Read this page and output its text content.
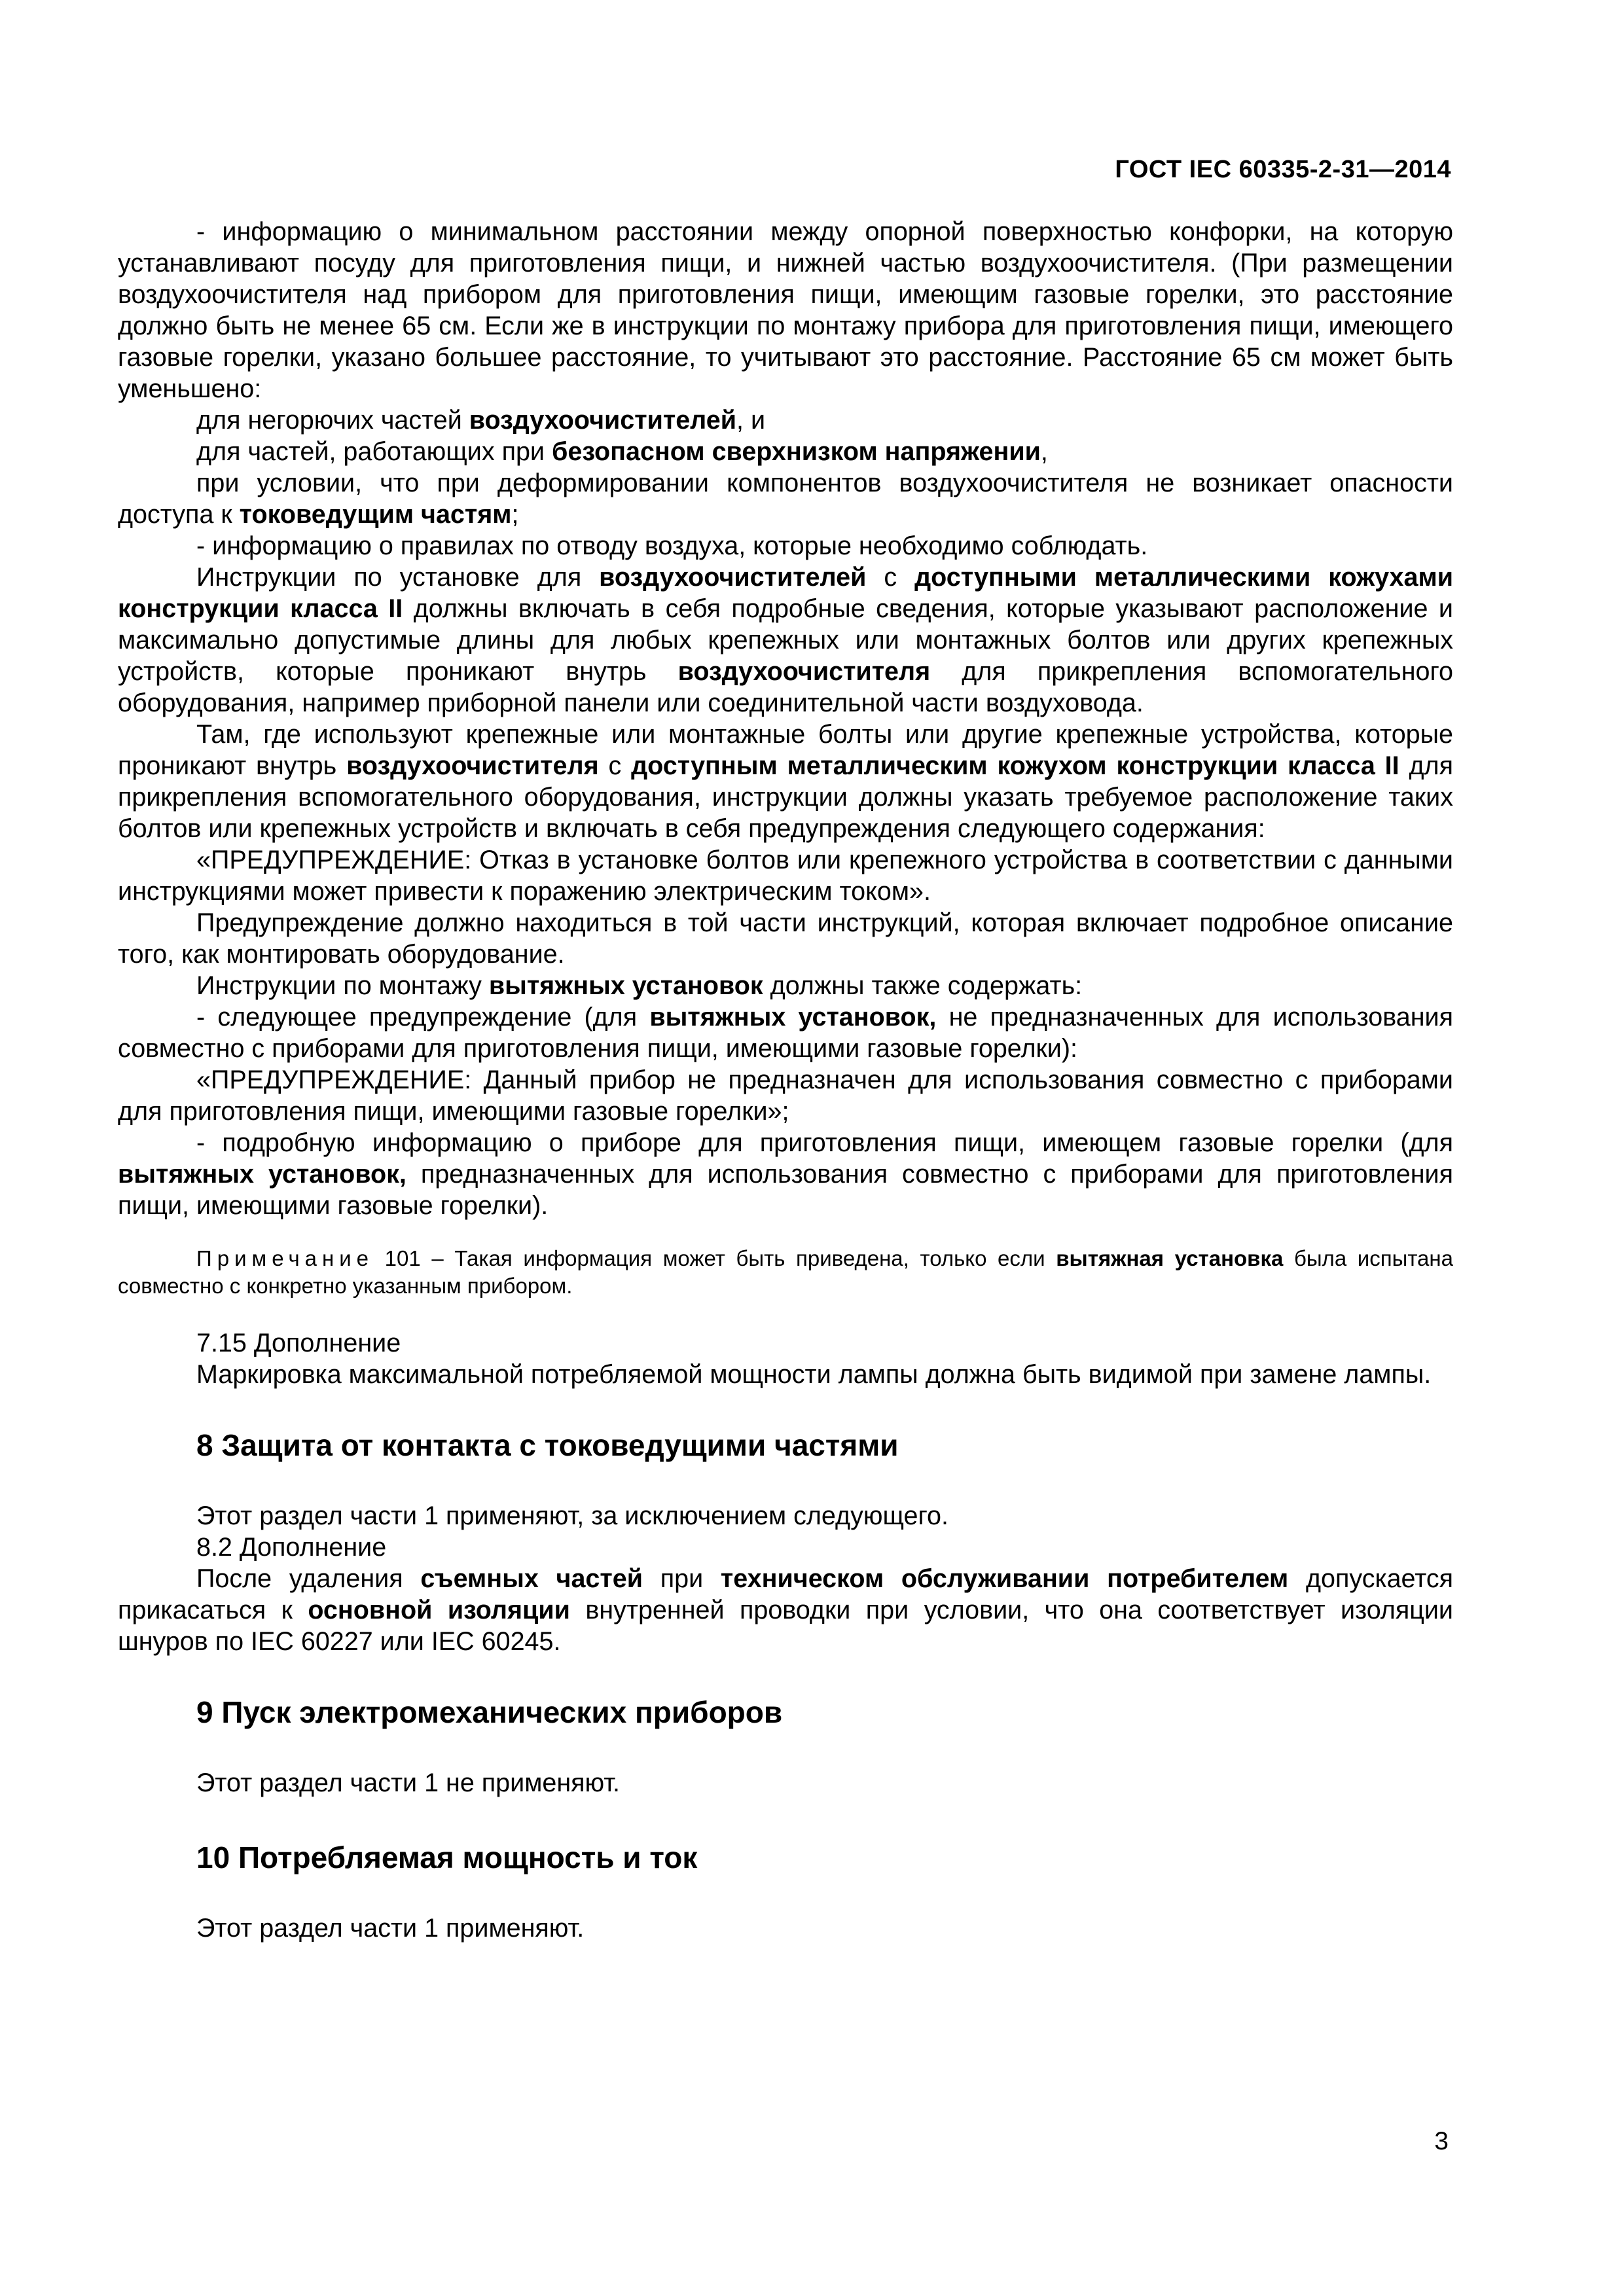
ГОСТ IEC 60335-2-31—2014

- информацию о минимальном расстоянии между опорной поверхностью конфорки, на которую устанавливают посуду для приготовления пищи, и нижней частью воздухоочистителя. (При размещении воздухоочистителя над прибором для приготовления пищи, имеющим газовые горелки, это расстояние должно быть не менее 65 см. Если же в инструкции по монтажу прибора для приготовления пищи, имеющего газовые горелки, указано большее расстояние, то учитывают это расстояние. Расстояние 65 см может быть уменьшено:

для негорючих частей воздухоочистителей, и

для частей, работающих при безопасном сверхнизком напряжении,

при условии, что при деформировании компонентов воздухоочистителя не возникает опасности доступа к токоведущим частям;

- информацию о правилах по отводу воздуха, которые необходимо соблюдать.

Инструкции по установке для воздухоочистителей с доступными металлическими кожухами конструкции класса II должны включать в себя подробные сведения, которые указывают расположение и максимально допустимые длины для любых крепежных или монтажных болтов или других крепежных устройств, которые проникают внутрь воздухоочистителя для прикрепления вспомогательного оборудования, например приборной панели или соединительной части воздуховода.

Там, где используют крепежные или монтажные болты или другие крепежные устройства, которые проникают внутрь воздухоочистителя с доступным металлическим кожухом конструкции класса II для прикрепления вспомогательного оборудования, инструкции должны указать требуемое расположение таких болтов или крепежных устройств и включать в себя предупреждения следующего содержания:

«ПРЕДУПРЕЖДЕНИЕ: Отказ в установке болтов или крепежного устройства в соответствии с данными инструкциями может привести к поражению электрическим током».

Предупреждение должно находиться в той части инструкций, которая включает подробное описание того, как монтировать оборудование.

Инструкции по монтажу вытяжных установок должны также содержать:

- следующее предупреждение (для вытяжных установок, не предназначенных для использования совместно с приборами для приготовления пищи, имеющими газовые горелки):

«ПРЕДУПРЕЖДЕНИЕ: Данный прибор не предназначен для использования совместно с приборами для приготовления пищи, имеющими газовые горелки»;

- подробную информацию о приборе для приготовления пищи, имеющем газовые горелки (для вытяжных установок, предназначенных для использования совместно с приборами для приготовления пищи, имеющими газовые горелки).

Примечание 101 – Такая информация может быть приведена, только если вытяжная установка была испытана совместно с конкретно указанным прибором.

7.15 Дополнение

Маркировка максимальной потребляемой мощности лампы должна быть видимой при замене лампы.

8 Защита от контакта с токоведущими частями

Этот раздел части 1 применяют, за исключением следующего.

8.2 Дополнение

После удаления съемных частей при техническом обслуживании потребителем допускается прикасаться к основной изоляции внутренней проводки при условии, что она соответствует изоляции шнуров по IEC 60227 или IEC 60245.

9 Пуск электромеханических приборов

Этот раздел части 1 не применяют.

10 Потребляемая мощность и ток

Этот раздел части 1 применяют.

3
